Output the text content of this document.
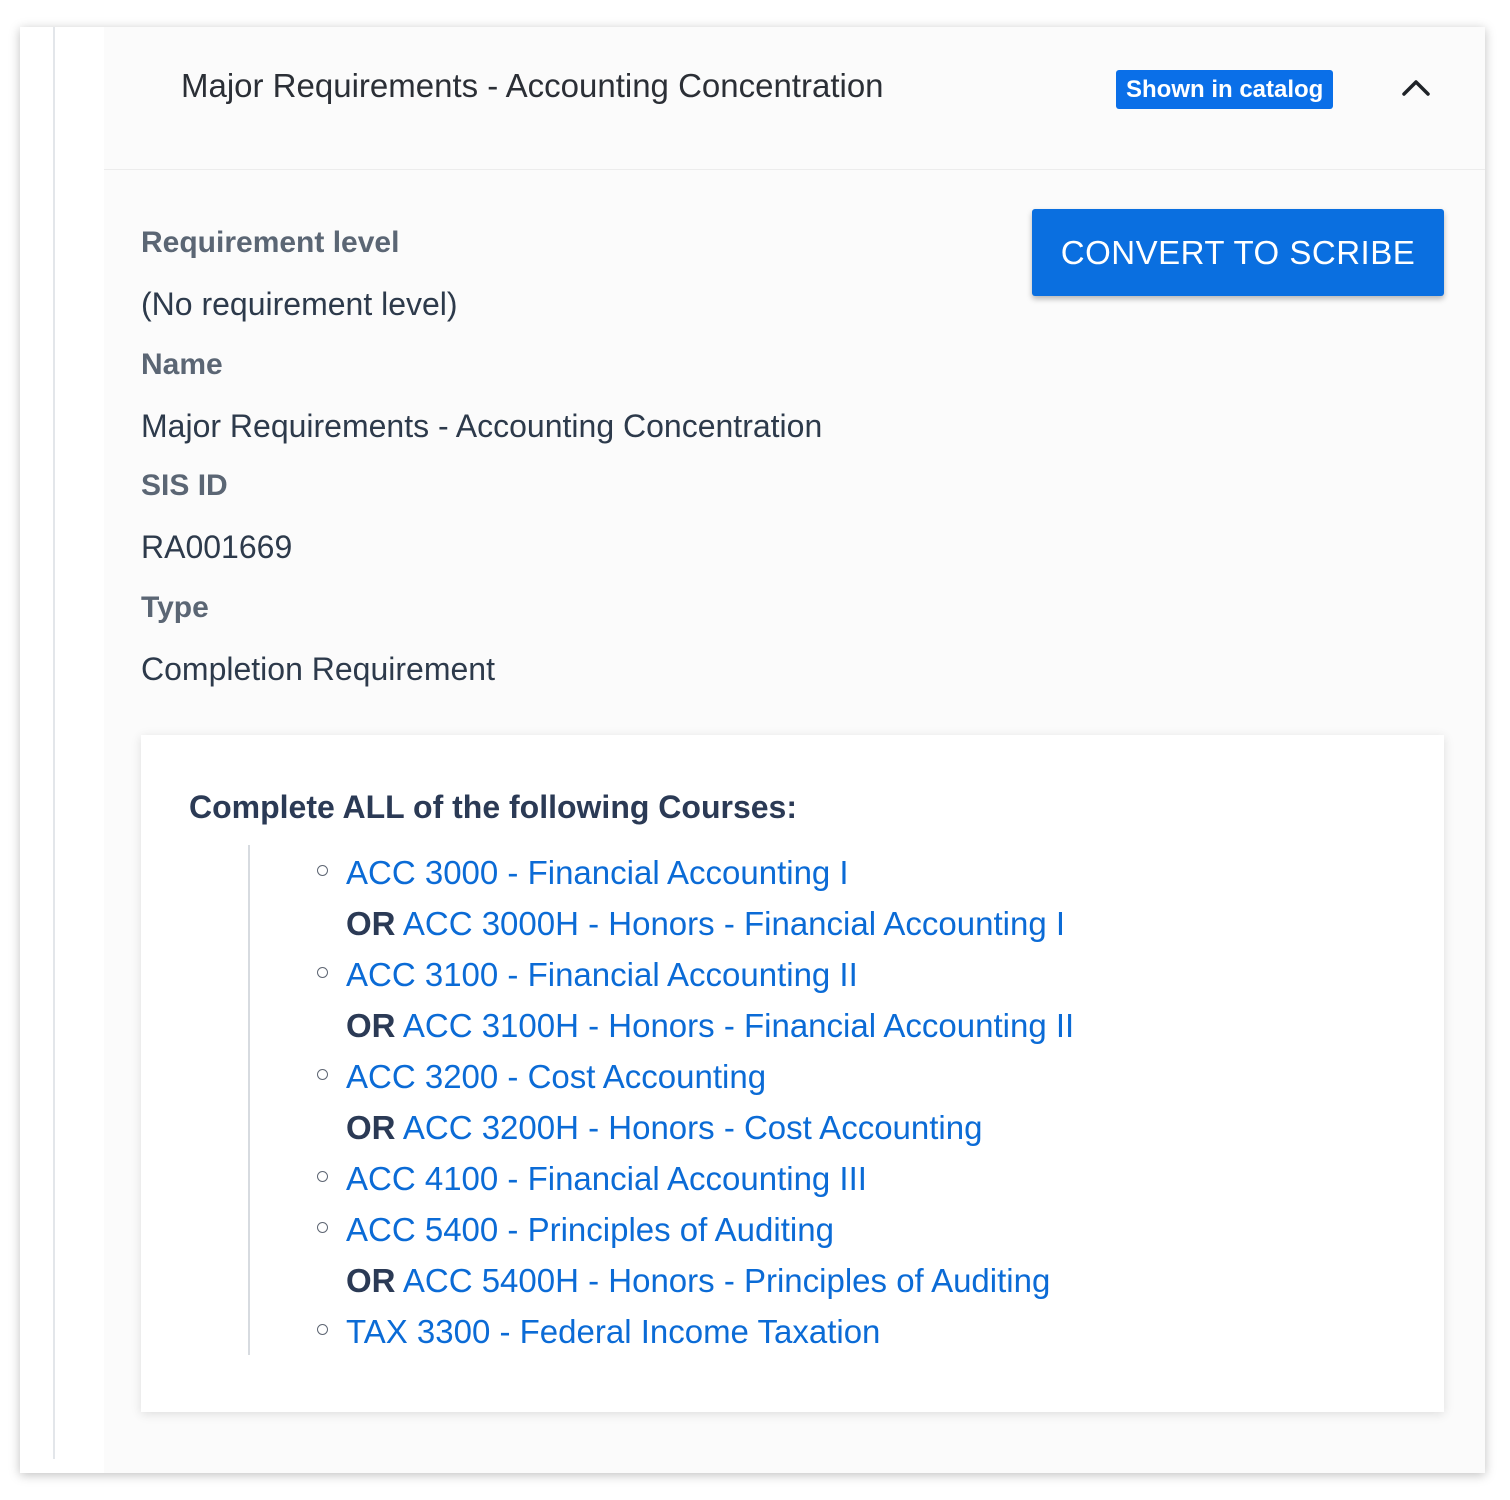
Major Requirements - Accounting Concentration	Shown in catalog
Requirement level
(No requirement level)
Name
Major Requirements - Accounting Concentration
SIS ID
RA001669
Type
Completion Requirement
CONVERT TO SCRIBE
Complete ALL of the following Courses:
ACC 3000 - Financial Accounting I
OR ACC 3000H - Honors - Financial Accounting I
ACC 3100 - Financial Accounting II
OR ACC 3100H - Honors - Financial Accounting II
ACC 3200 - Cost Accounting
OR ACC 3200H - Honors - Cost Accounting
ACC 4100 - Financial Accounting III
ACC 5400 - Principles of Auditing
OR ACC 5400H - Honors - Principles of Auditing
TAX 3300 - Federal Income Taxation
